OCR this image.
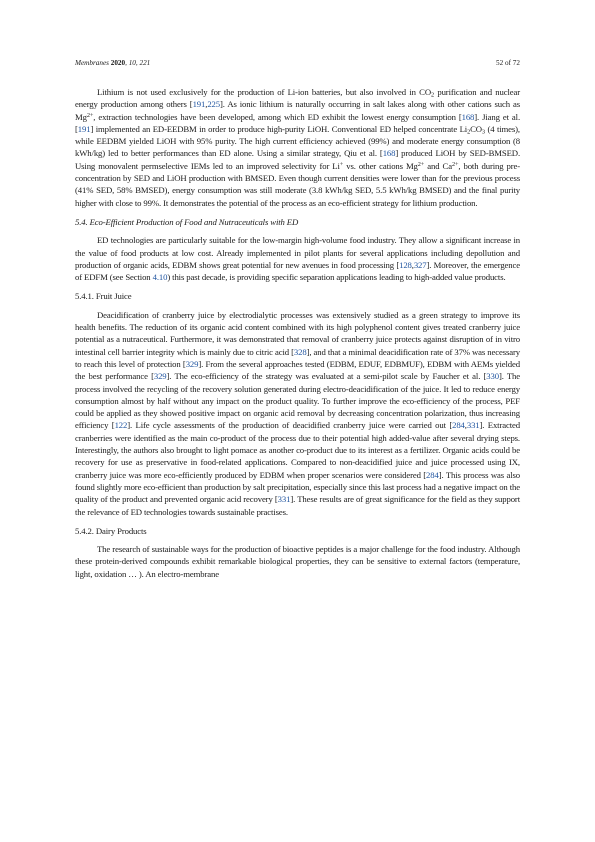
Membranes 2020, 10, 221	52 of 72

Lithium is not used exclusively for the production of Li-ion batteries, but also involved in $CO_2$ purification and nuclear energy production among others [191,225]. As ionic lithium is naturally occurring in salt lakes along with other cations such as $Mg^{2+}$, extraction technologies have been developed, among which ED exhibit the lowest energy consumption [168]. Jiang et al. [191] implemented an ED-EEDBM in order to produce high-purity LiOH. Conventional ED helped concentrate $Li_2CO_3$ (4 times), while EEDBM yielded LiOH with 95% purity. The high current efficiency achieved (99%) and moderate energy consumption (8 kWh/kg) led to better performances than ED alone. Using a similar strategy, Qiu et al. [168] produced LiOH by SED-BMSED. Using monovalent permselective IEMs led to an improved selectivity for Li+ vs. other cations $Mg^{2+}$ and $Ca^{2+}$, both during pre-concentration by SED and LiOH production with BMSED. Even though current densities were lower than for the previous process (41% SED, 58% BMSED), energy consumption was still moderate (3.8 kWh/kg SED, 5.5 kWh/kg BMSED) and the final purity higher with close to 99%. It demonstrates the potential of the process as an eco-efficient strategy for lithium production.

5.4. Eco-Efficient Production of Food and Nutraceuticals with ED

ED technologies are particularly suitable for the low-margin high-volume food industry. They allow a significant increase in the value of food products at low cost. Already implemented in pilot plants for several applications including depollution and production of organic acids, EDBM shows great potential for new avenues in food processing [128,327]. Moreover, the emergence of EDFM (see Section 4.10) this past decade, is providing specific separation applications leading to high-added value products.

5.4.1. Fruit Juice

Deacidification of cranberry juice by electrodialytic processes was extensively studied as a green strategy to improve its health benefits. The reduction of its organic acid content combined with its high polyphenol content gives treated cranberry juice potential as a nutraceutical. Furthermore, it was demonstrated that removal of cranberry juice protects against disruption of in vitro intestinal cell barrier integrity which is mainly due to citric acid [328], and that a minimal deacidification rate of 37% was necessary to reach this level of protection [329]. From the several approaches tested (EDBM, EDUF, EDBMUF), EDBM with AEMs yielded the best performance [329]. The eco-efficiency of the strategy was evaluated at a semi-pilot scale by Faucher et al. [330]. The process involved the recycling of the recovery solution generated during electro-deacidification of the juice. It led to reduce energy consumption almost by half without any impact on the product quality. To further improve the eco-efficiency of the process, PEF could be applied as they showed positive impact on organic acid removal by decreasing concentration polarization, thus increasing efficiency [122]. Life cycle assessments of the production of deacidified cranberry juice were carried out [284,331]. Extracted cranberries were identified as the main co-product of the process due to their potential high added-value after several drying steps. Interestingly, the authors also brought to light pomace as another co-product due to its interest as a fertilizer. Organic acids could be recovery for use as preservative in food-related applications. Compared to non-deacidified juice and juice processed using IX, cranberry juice was more eco-efficiently produced by EDBM when proper scenarios were considered [284]. This process was also found slightly more eco-efficient than production by salt precipitation, especially since this last process had a negative impact on the quality of the product and prevented organic acid recovery [331]. These results are of great significance for the field as they support the relevance of ED technologies towards sustainable practises.

5.4.2. Dairy Products

The research of sustainable ways for the production of bioactive peptides is a major challenge for the food industry. Although these protein-derived compounds exhibit remarkable biological properties, they can be sensitive to external factors (temperature, light, oxidation … ). An electro-membrane
